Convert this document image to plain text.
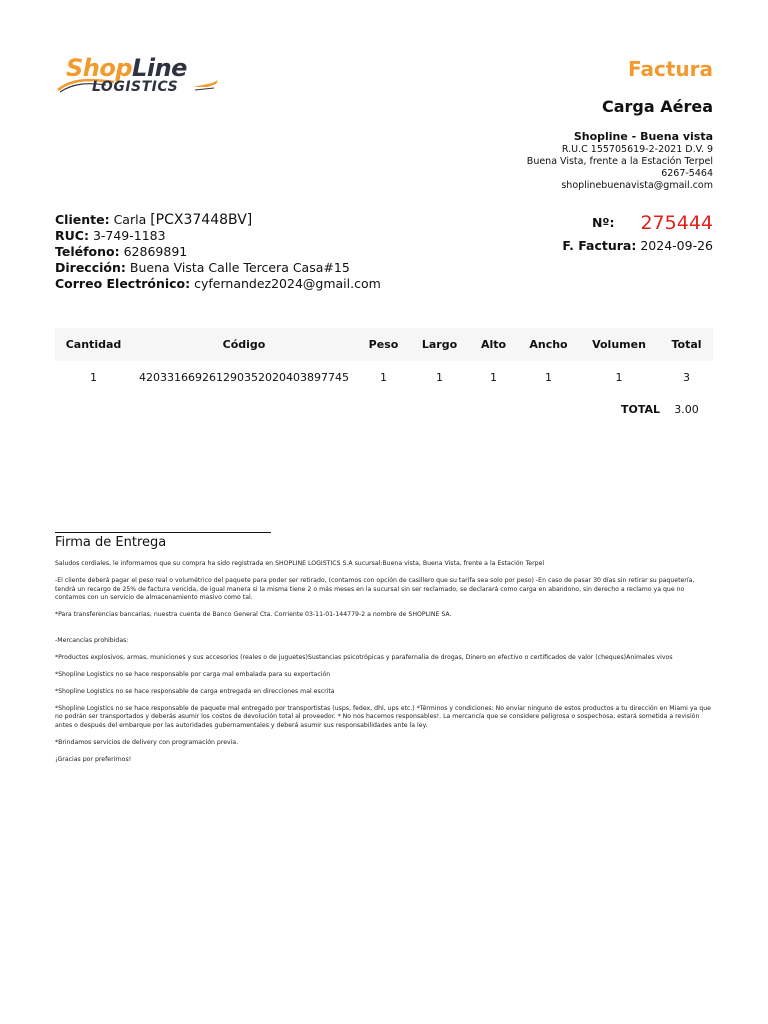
ShopLine
LOGISTICS
Factura
Carga Aérea
Shopline - Buena vista
R.U.C 155705619-2-2021 D.V. 9
Buena Vista, frente a la Estación Terpel
6267-5464
shoplinebuenavista@gmail.com
Cliente: Carla [PCX37448BV]
RUC: 3-749-1183
Teléfono: 62869891
Dirección: Buena Vista Calle Tercera Casa#15
Correo Electrónico: cyfernandez2024@gmail.com
Nº: 275444
F. Factura: 2024-09-26
Cantidad	Código	Peso	Largo	Alto	Ancho	Volumen	Total
1	420331669261290352020403897745	1	1	1	1	1	3
						TOTAL	3.00
Firma de Entrega

Saludos cordiales, le informamos que su compra ha sido registrada en SHOPLINE LOGISTICS S.A sucursal:Buena vista, Buena Vista, frente a la Estación Terpel

-El cliente deberá pagar el peso real o volumétrico del paquete para poder ser retirado, (contamos con opción de casillero que su tarifa sea solo por peso) -En caso de pasar 30 días sin retirar su paquetería, tendrá un recargo de 25% de factura vencida, de igual manera si la misma tiene 2 o más meses en la sucursal sin ser reclamado, se declarará como carga en abandono, sin derecho a reclamo ya que no contamos con un servicio de almacenamiento masivo como tal.

*Para transferencias bancarias, nuestra cuenta de Banco General Cta. Corriente 03-11-01-144779-2 a nombre de SHOPLINE SA.

-Mercancías prohibidas:

*Productos explosivos, armas, municiones y sus accesorios (reales o de juguetes)Sustancias psicotrópicas y parafernalia de drogas, Dinero en efectivo o certificados de valor (cheques)Animales vivos

*Shopline Logistics no se hace responsable por carga mal embalada para su exportación

*Shopline Logistics no se hace responsable de carga entregada en direcciones mal escrita

*Shopline Logistics no se hace responsable de paquete mal entregado por transportistas (usps, fedex, dhl, ups etc.) *Términos y condiciones: No enviar ninguno de estos productos a tu dirección en Miami ya que no podrán ser transportados y deberás asumir los costos de devolución total al proveedor. * No nos hacemos responsables!. La mercancía que se considere peligrosa o sospechosa, estará sometida a revisión antes o después del embarque por las autoridades gubernamentales y deberá asumir sus responsabilidades ante la ley.

*Brindamos servicios de delivery con programación previa.

¡Gracias por preferirnos!
